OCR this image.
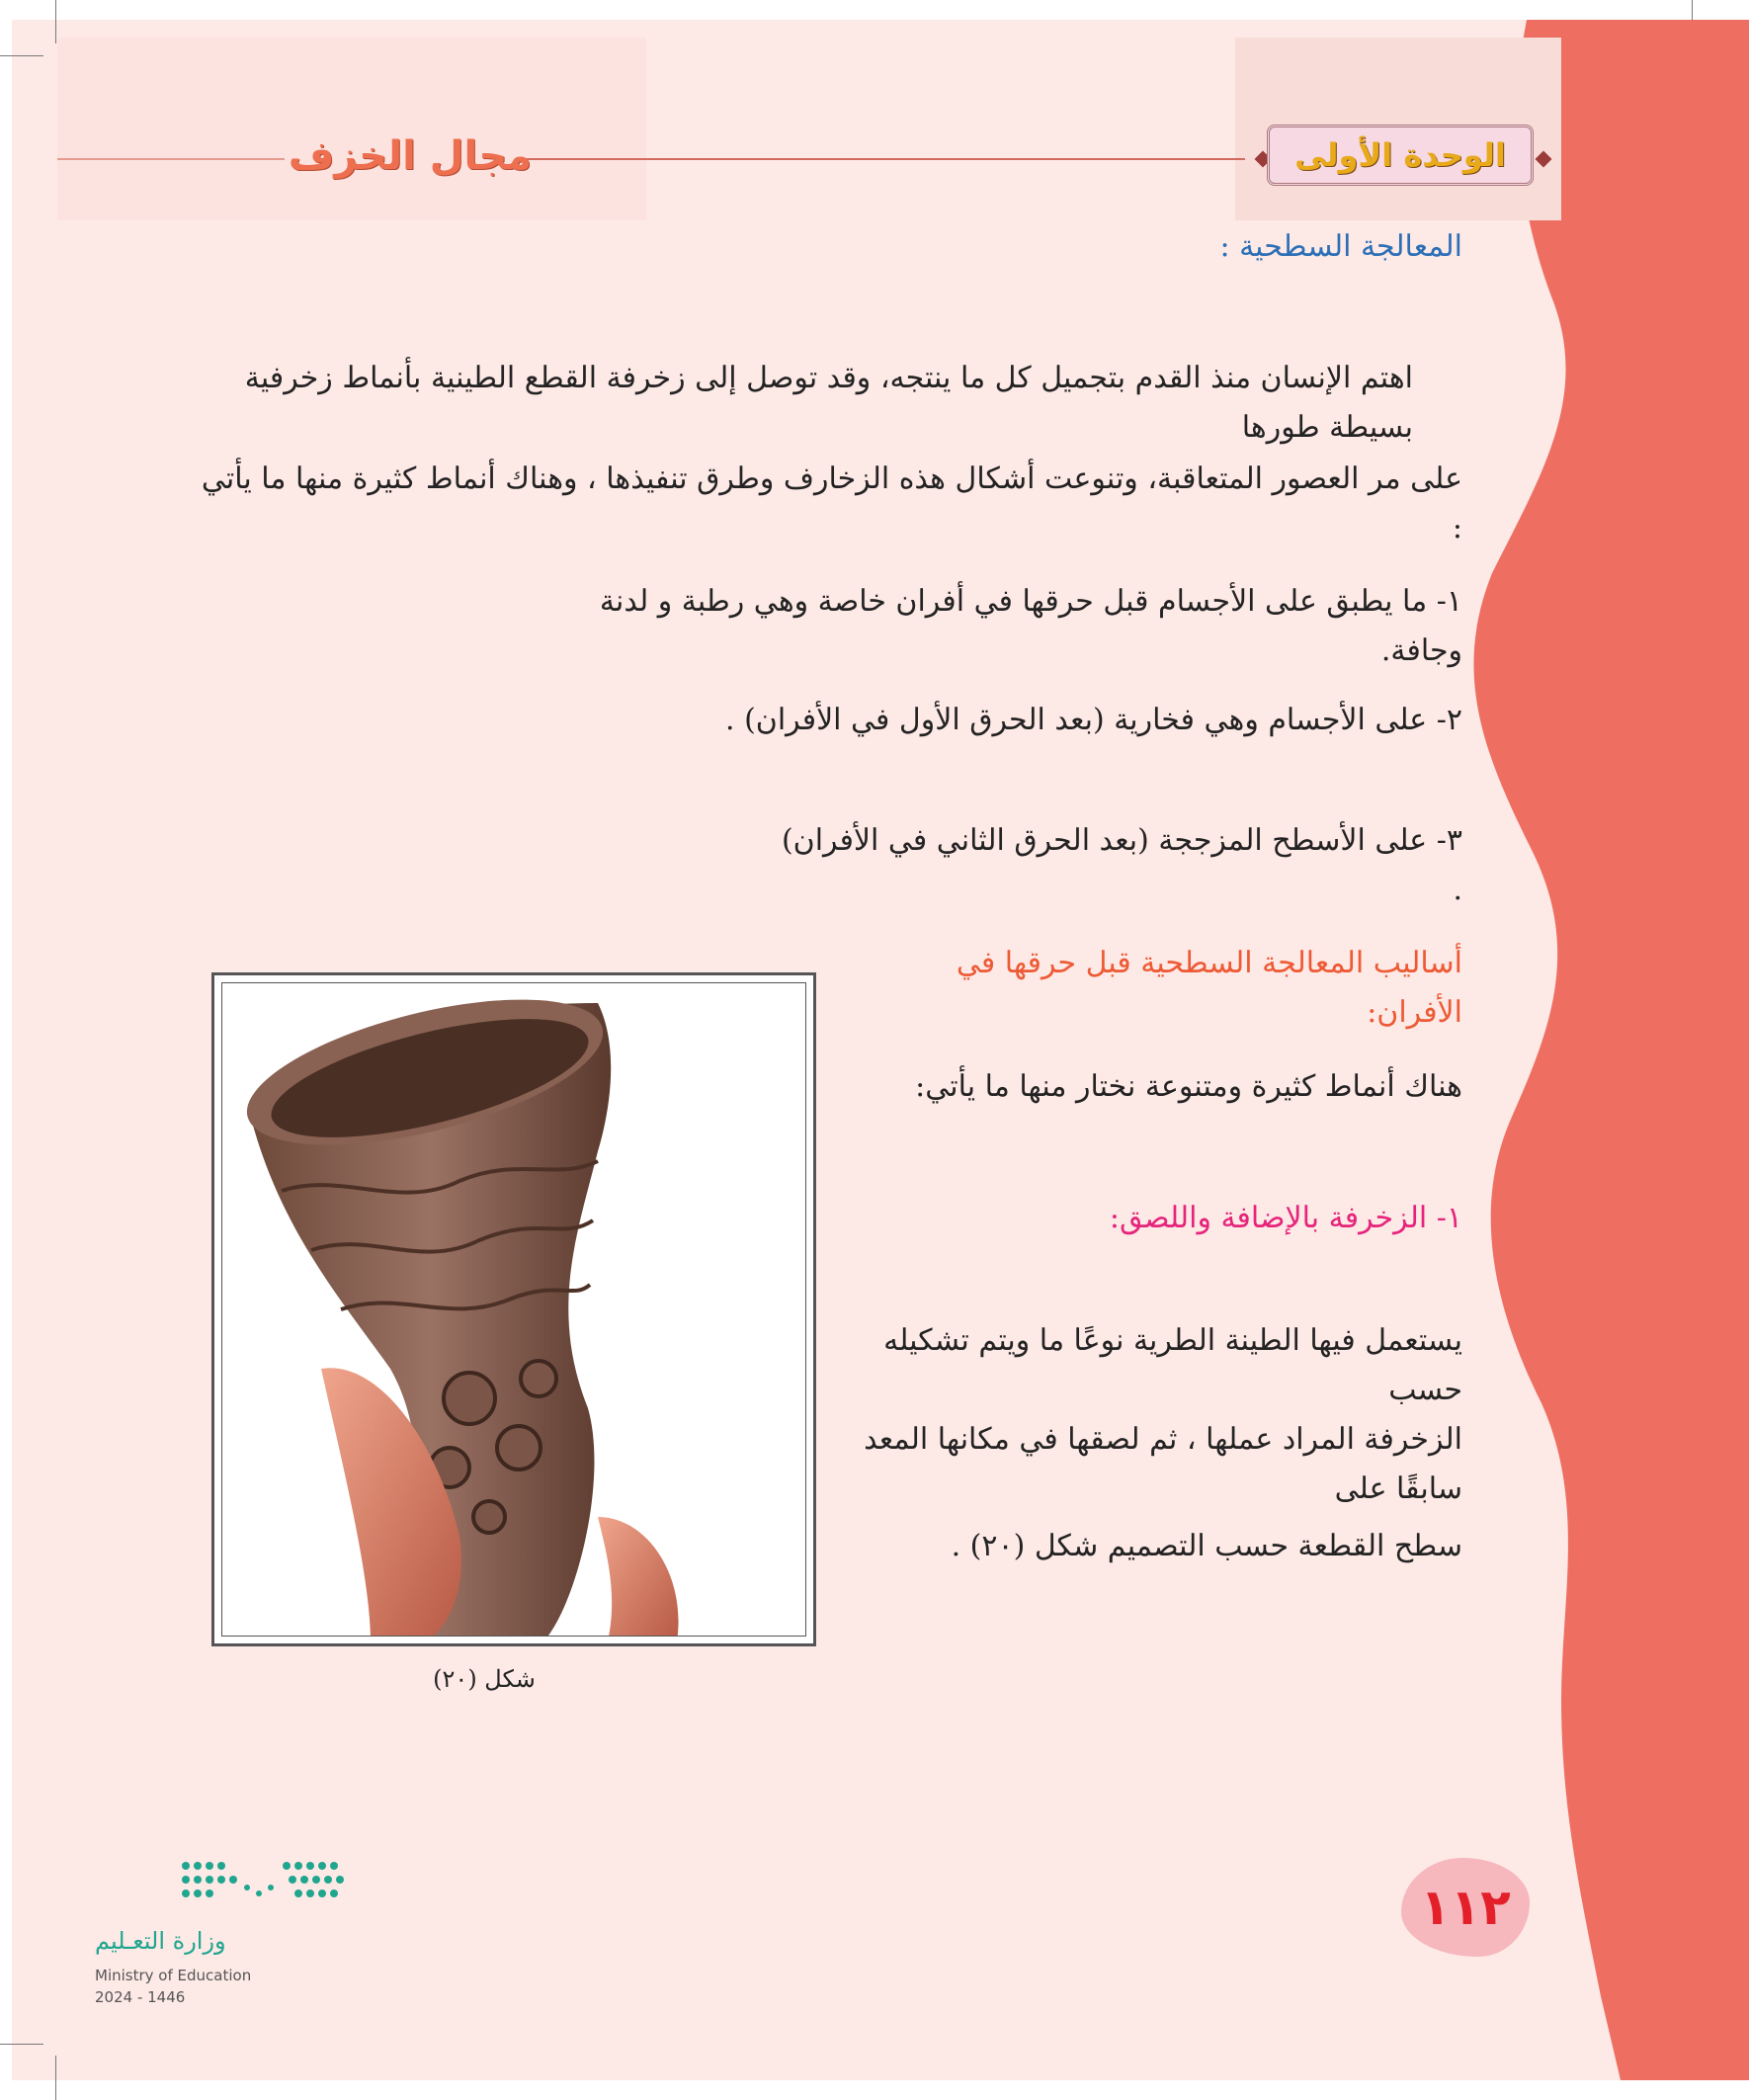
مجال الخزف	الوحدة الأولى
المعالجة السطحية :
اهتم الإنسان منذ القدم بتجميل كل ما ينتجه، وقد توصل إلى زخرفة القطع الطينية بأنماط زخرفية بسيطة طورها
على مر العصور المتعاقبة، وتنوعت أشكال هذه الزخارف وطرق تنفيذها ، وهناك أنماط كثيرة منها ما يأتي :
١- ما يطبق على الأجسام قبل حرقها في أفران خاصة وهي رطبة و لدنة وجافة.
٢- على الأجسام وهي فخارية (بعد الحرق الأول في الأفران) .
٣- على الأسطح المزججة (بعد الحرق الثاني في الأفران) .
أساليب المعالجة السطحية قبل حرقها في الأفران:
هناك أنماط كثيرة ومتنوعة نختار منها ما يأتي:
١- الزخرفة بالإضافة واللصق:
يستعمل فيها الطينة الطرية نوعًا ما ويتم تشكيله حسب
الزخرفة المراد عملها ، ثم لصقها في مكانها المعد سابقًا على
سطح القطعة حسب التصميم شكل (٢٠) .
شكل (٢٠)
١١٢
وزارة التعـليم
Ministry of Education
2024 - 1446
